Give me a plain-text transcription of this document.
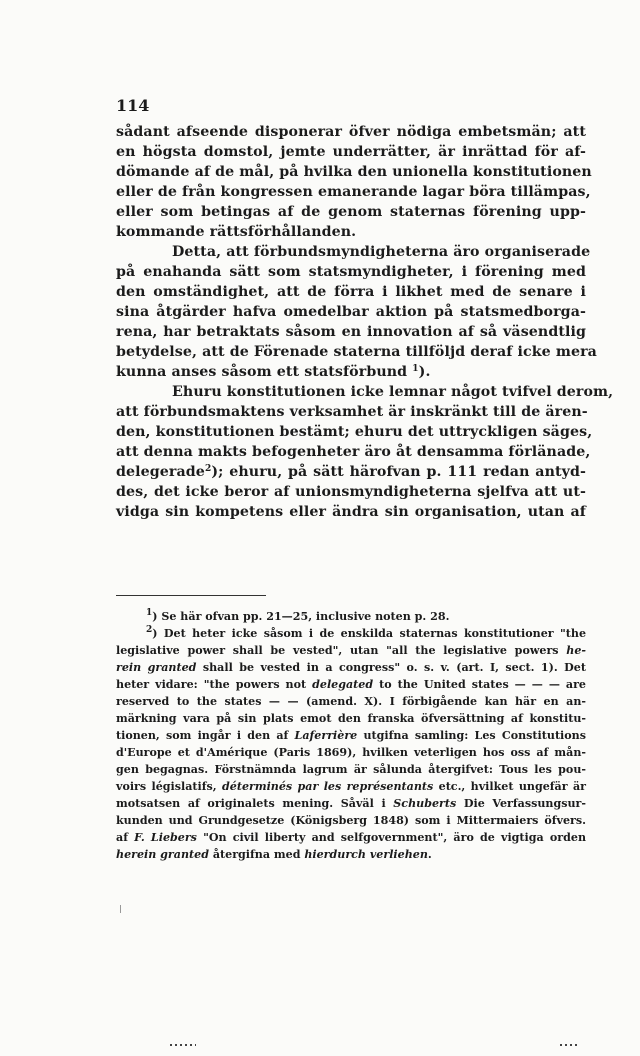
114
sådant afseende disponerar öfver nödiga embetsmän; att
en högsta domstol, jemte underrätter, är inrättad för af-
dömande af de mål, på hvilka den unionella konstitutionen
eller de från kongressen emanerande lagar böra tillämpas,
eller som betingas af de genom staternas förening upp-
kommande rättsförhållanden.
Detta, att förbundsmyndigheterna äro organiserade
på enahanda sätt som statsmyndigheter, i förening med
den omständighet, att de förra i likhet med de senare i
sina åtgärder hafva omedelbar aktion på statsmedborga-
rena, har betraktats såsom en innovation af så väsendtlig
betydelse, att de Förenade staterna tillföljd deraf icke mera
kunna anses såsom ett statsförbund $^1$).
Ehuru konstitutionen icke lemnar något tvifvel derom,
att förbundsmaktens verksamhet är inskränkt till de ären-
den, konstitutionen bestämt; ehuru det uttryckligen säges,
att denna makts befogenheter äro åt densamma förlänade,
delegerade 2 ) ; ehuru, på sätt härofvan p. 111 redan antyd-
des, det icke beror af unionsmyndigheterna sjelfva att ut-
vidga sin kompetens eller ändra sin organisation, utan af
$^1$) Se här ofvan pp. 21—25, inclusive noten p. 28.
$^2$) Det heter icke såsom i de enskilda staternas konstitutioner "the
legislative power shall be vested", utan "all the legislative powers he-
rein granted shall be vested in a congress" o. s. v. (art. I, sect. 1). Det
heter vidare: "the powers not delegated to the United states — — — are
reserved to the states — — (amend. X). I förbigående kan här en an-
märkning vara på sin plats emot den franska öfversättning af konstitu-
tionen, som ingår i den af Laferrière utgifna samling: Les Constitutions
d'Europe et d'Amérique (Paris 1869), hvilken veterligen hos oss af mån-
gen begagnas. Förstnämnda lagrum är sålunda återgifvet: Tous les pou-
voirs législatifs, déterminés par les représentants etc., hvilket ungefär är
motsatsen af originalets mening. Såväl i Schuberts Die Verfassungsur-
kunden und Grundgesetze (Königsberg 1848) som i Mittermaiers öfvers.
af F. Liebers "On civil liberty and selfgovernment", äro de vigtiga orden
herein granted återgifna med hierdurch verliehen.
